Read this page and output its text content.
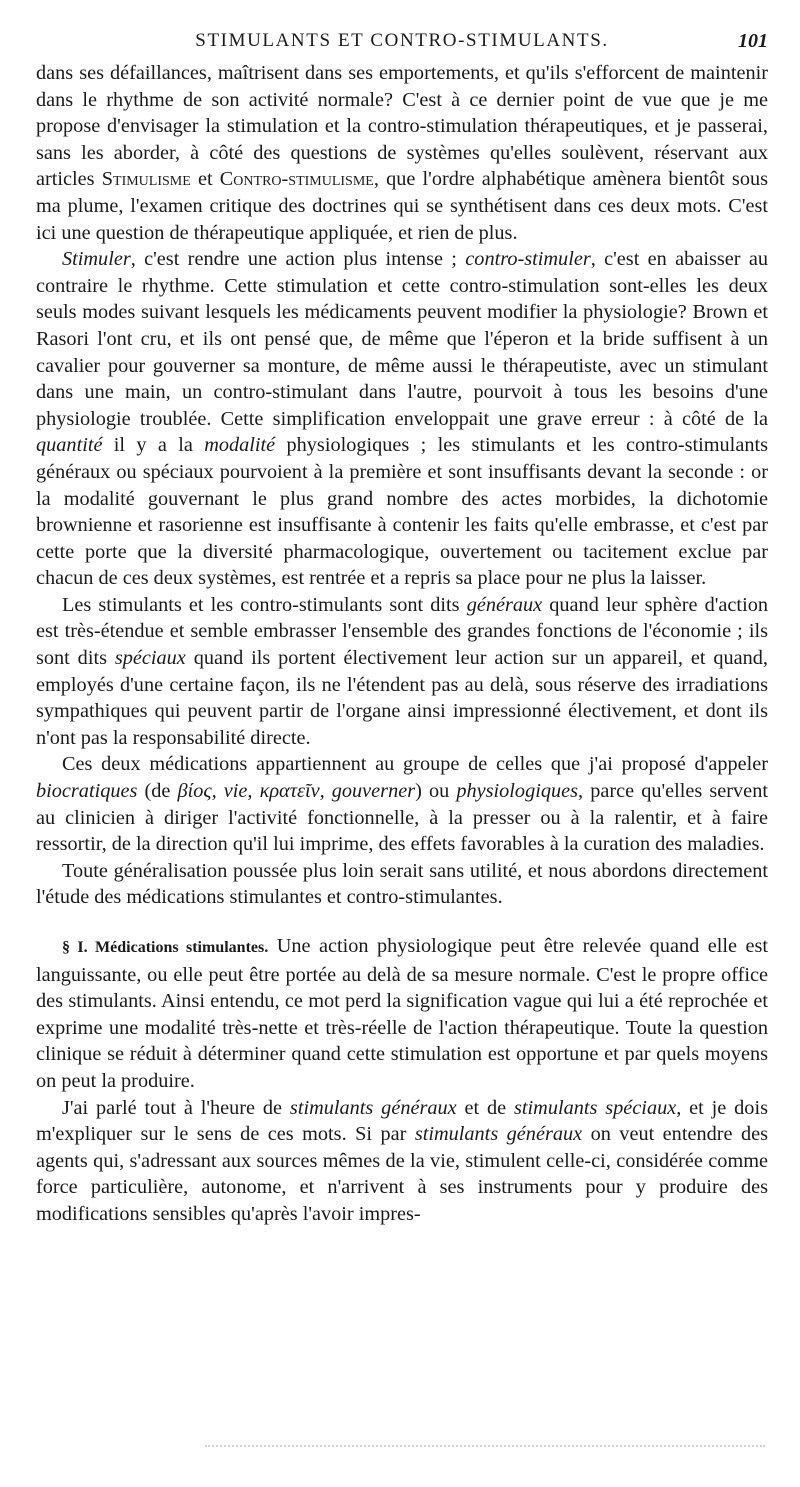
STIMULANTS ET CONTRO-STIMULANTS.	101

dans ses défaillances, maîtrisent dans ses emportements, et qu'ils s'efforcent de maintenir dans le rhythme de son activité normale? C'est à ce dernier point de vue que je me propose d'envisager la stimulation et la contro-stimulation thérapeutiques, et je passerai, sans les aborder, à côté des questions de systèmes qu'elles soulèvent, réservant aux articles Stimulisme et Contro-stimulisme, que l'ordre alphabétique amènera bientôt sous ma plume, l'examen critique des doctrines qui se synthétisent dans ces deux mots. C'est ici une question de thérapeutique appliquée, et rien de plus.

Stimuler, c'est rendre une action plus intense ; contro-stimuler, c'est en abaisser au contraire le rhythme. Cette stimulation et cette contro-stimulation sont-elles les deux seuls modes suivant lesquels les médicaments peuvent modifier la physiologie? Brown et Rasori l'ont cru, et ils ont pensé que, de même que l'éperon et la bride suffisent à un cavalier pour gouverner sa monture, de même aussi le thérapeutiste, avec un stimulant dans une main, un contro-stimulant dans l'autre, pourvoit à tous les besoins d'une physiologie troublée. Cette simplification enveloppait une grave erreur : à côté de la quantité il y a la modalité physiologiques ; les stimulants et les contro-stimulants généraux ou spéciaux pourvoient à la première et sont insuffisants devant la seconde : or la modalité gouvernant le plus grand nombre des actes morbides, la dichotomie brownienne et rasorienne est insuffisante à contenir les faits qu'elle embrasse, et c'est par cette porte que la diversité pharmacologique, ouvertement ou tacitement exclue par chacun de ces deux systèmes, est rentrée et a repris sa place pour ne plus la laisser.

Les stimulants et les contro-stimulants sont dits généraux quand leur sphère d'action est très-étendue et semble embrasser l'ensemble des grandes fonctions de l'économie ; ils sont dits spéciaux quand ils portent électivement leur action sur un appareil, et quand, employés d'une certaine façon, ils ne l'étendent pas au delà, sous réserve des irradiations sympathiques qui peuvent partir de l'organe ainsi impressionné électivement, et dont ils n'ont pas la responsabilité directe.

Ces deux médications appartiennent au groupe de celles que j'ai proposé d'appeler biocratiques (de βίος, vie, κρατεῖν, gouverner) ou physiologiques, parce qu'elles servent au clinicien à diriger l'activité fonctionnelle, à la presser ou à la ralentir, et à faire ressortir, de la direction qu'il lui imprime, des effets favorables à la curation des maladies.

Toute généralisation poussée plus loin serait sans utilité, et nous abordons directement l'étude des médications stimulantes et contro-stimulantes.

§ I. Médications stimulantes. Une action physiologique peut être relevée quand elle est languissante, ou elle peut être portée au delà de sa mesure normale. C'est le propre office des stimulants. Ainsi entendu, ce mot perd la signification vague qui lui a été reprochée et exprime une modalité très-nette et très-réelle de l'action thérapeutique. Toute la question clinique se réduit à déterminer quand cette stimulation est opportune et par quels moyens on peut la produire.

J'ai parlé tout à l'heure de stimulants généraux et de stimulants spéciaux, et je dois m'expliquer sur le sens de ces mots. Si par stimulants généraux on veut entendre des agents qui, s'adressant aux sources mêmes de la vie, stimulent celle-ci, considérée comme force particulière, autonome, et n'arrivent à ses instruments pour y produire des modifications sensibles qu'après l'avoir impres-
